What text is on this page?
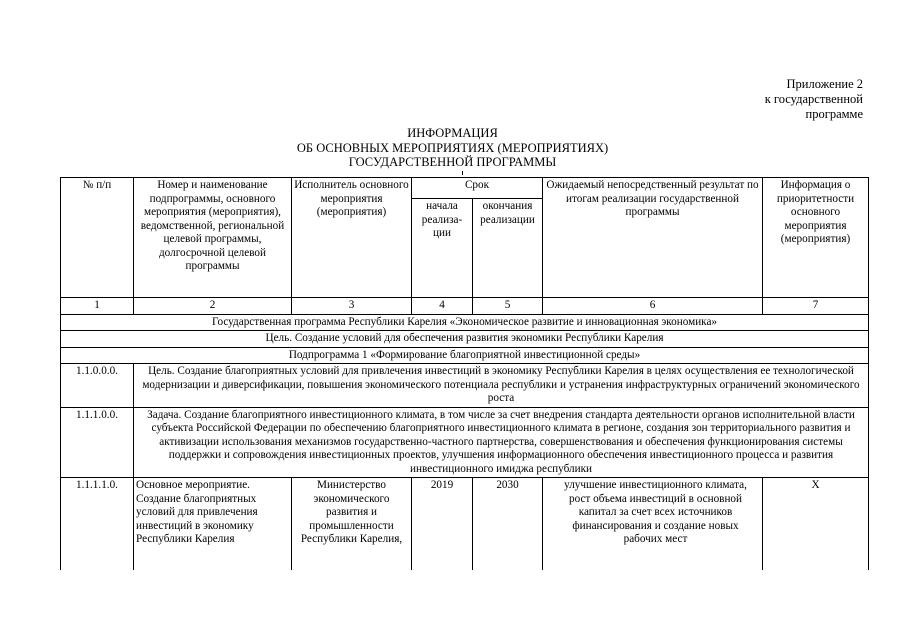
Приложение 2
к государственной
программе
ИНФОРМАЦИЯ
ОБ ОСНОВНЫХ МЕРОПРИЯТИЯХ (МЕРОПРИЯТИЯХ)
ГОСУДАРСТВЕННОЙ ПРОГРАММЫ
№ п/п	Номер и наименование подпрограммы, основного мероприятия (мероприятия), ведомственной, региональной целевой программы, долгосрочной целевой программы	Исполнитель основного мероприятия (мероприятия)	Срок		Ожидаемый непосредственный результат по итогам реализации государственной программы	Информация о приоритетности основного мероприятия (мероприятия)
			начала реализа-ции	окончания реализации		
1	2	3	4	5	6	7
Государственная программа Республики Карелия «Экономическое развитие и инновационная экономика»						
Цель. Создание условий для обеспечения развития экономики Республики Карелия						
Подпрограмма 1 «Формирование благоприятной инвестиционной среды»						
1.1.0.0.0.	Цель. Создание благоприятных условий для привлечения инвестиций в экономику Республики Карелия в целях осуществления ее технологической модернизации и диверсификации, повышения экономического потенциала республики и устранения инфраструктурных ограничений экономического роста					
1.1.1.0.0.	Задача. Создание благоприятного инвестиционного климата, в том числе за счет внедрения стандарта деятельности органов исполнительной власти субъекта Российской Федерации по обеспечению благоприятного инвестиционного климата в регионе, создания зон территориального развития и активизации использования механизмов государственно-частного партнерства, совершенствования и обеспечения функционирования системы поддержки и сопровождения инвестиционных проектов, улучшения информационного обеспечения инвестиционного процесса и развития инвестиционного имиджа республики					
1.1.1.1.0.	Основное мероприятие. Создание благоприятных условий для привлечения инвестиций в экономику Республики Карелия	Министерство экономического развития и промышленности Республики Карелия,	2019	2030	улучшение инвестиционного климата, рост объема инвестиций в основной капитал за счет всех источников финансирования и создание новых рабочих мест	Х
